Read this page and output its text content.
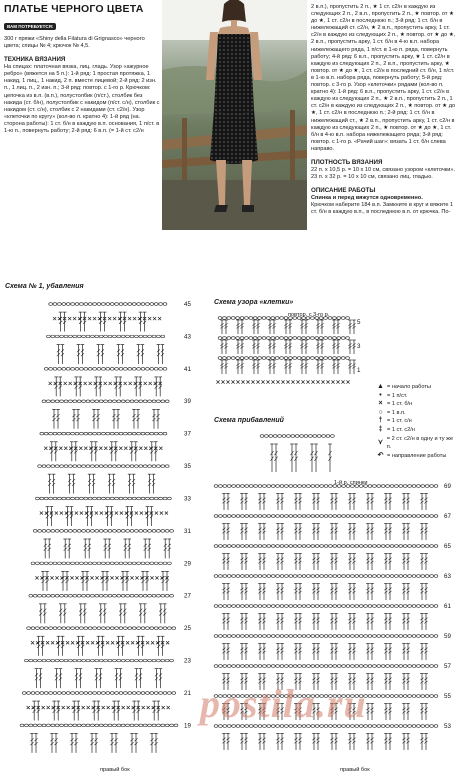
ПЛАТЬЕ ЧЕРНОГО ЦВЕТА
ВАМ ПОТРЕБУЕТСЯ:
300 г пряжи «Shiny della Filatura di Grignasco» черного цвета; спицы № 4; крючок № 4,5.
ТЕХНИКА ВЯЗАНИЯ
На спицах: платочная вязка, лиц. гладь. Узор «ажурное ребро» (вяжется на 5 п.): 1-й ряд: 1 простая протяжка, 1 накид, 1 лиц., 1 накид, 2 п. вместе лицевой; 2-й ряд: 2 изн. п., 1 лиц. п., 2 изн. п.; 3-й ряд: повтор. с 1-го р. Крючком: цепочка из в.п. (в.п.), полустолбик (п/ст.), столбик без накида (ст. б/н), полустолбик с накидом (п/ст. с/н), столбик с накидом (ст. с/н), столбик с 2 накидами (ст. с2/н). Узор «клеточки по кругу» (кол-во п. кратно 4): 1-й ряд (на. сторона работы): 1 ст. б/н в каждую в.п. основания, 1 п/ст. в 1-ю п., повернуть работу; 2-й ряд: 6 в.п. (= 1-й ст. с2/н
2 в.п.), пропустить 2 п., ★ 1 ст. с2/н в каждую из следующих 2 п., 2 в.п., пропустить 2 п., ★ повтор. от ★ до ★, 1 ст. с2/н в последнюю п.; 3-й ряд: 1 ст. б/н в нижележащий ст. с2/н, ★ 2 в.п., пропустить арку, 1 ст. с2/н в каждую из следующих 2 п., ★ повтор. от ★ до ★, 2 в.п., пропустить арку, 1 ст. б/н в 4-ю в.п. набора нижележащего ряда, 1 п/ст. в 1-ю п. ряда, повернуть работу; 4-й ряд: 6 в.п., пропустить арку, ★ 1 ст. с2/н в каждую из следующих 2 п., 2 в.п., пропустить арку, ★ повтор. от ★ до ★, 1 ст. с2/н в последний ст. б/н, 1 п/ст. в 1-ю в.п. набора ряда, повернуть работу; 5-й ряд: повтор. с 3-го р. Узор «клеточки» рядами (кол-во п. кратно 4): 1-й ряд: 6 в.п., пропустить арку, 1 ст. с2/н в каждую из следующих 2 п., ★ 2 в.п., пропустить 2 п., 1 ст. с2/н в каждую из следующих 2 п., ★ повтор. от ★ до ★, 1 ст. с2/н в последнюю п.; 2-й ряд: 1 ст. б/н в нижележащий ст., ★ 2 в.п., пропустить арку, 1 ст. с2/н в каждую из следующих 2 п., ★ повтор. от ★ до ★, 1 ст. б/н в 4-ю в.п. набора нижележащего ряда; 3-й ряд: повтор. с 1-го р. «Рачий шаг»: вязать 1 ст. б/н слева направо.
ПЛОТНОСТЬ ВЯЗАНИЯ
22 п. х 10,5 р. = 10 х 10 см, связано узором «клеточки». 23 п. х 32 р. = 10 х 10 см, связано лиц. гладью.
ОПИСАНИЕ РАБОТЫ
Спинка и перед вяжутся одновременно.
Крючком наберите 184 в.п. Замкните в круг и вяжите 1 ст. б/н в каждую в.п., в последнюю в.п. от крючка. По-
Схема № 1, убавления
Схема узора «клетки»
Схема прибавлений
45
43
41
39
37
35
33
31
29
27
25
23
21
19
5
3
1
повтор. с 3-го р.
69
67
65
63
61
59
57
55
53
1-й р. спинки
правый бок	правый бок
▲ = начало работы
• = 1 п/ст.
× = 1 ст. б/н
○ = 1 в.п.
† = 1 ст. с/н
‡ = 1 ст. с2/н
⋎
= 2 ст. с2/н в одну и ту же п.
↶ = направление работы
postila.ru
